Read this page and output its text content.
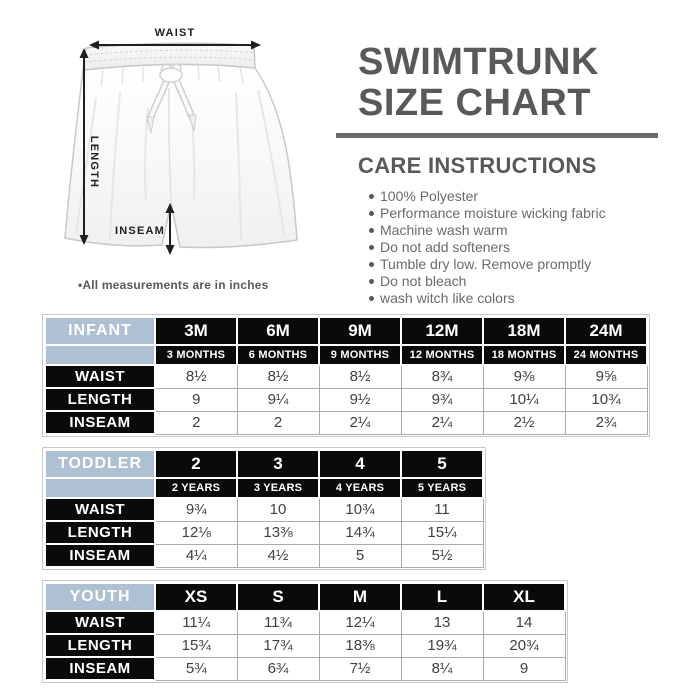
WAIST
LENGTH
INSEAM
•All measurements are in inches
SWIMTRUNK
SIZE CHART
CARE INSTRUCTIONS
100% Polyester
Performance moisture wicking fabric
Machine wash warm
Do not add softeners
Tumble dry low. Remove promptly
Do not bleach
wash witch like colors
INFANT	3M	6M	9M	12M	18M	24M
	3 MONTHS	6 MONTHS	9 MONTHS	12 MONTHS	18 MONTHS	24 MONTHS
WAIST	8½	8½	8½	8¾	9⅜	9⅝
LENGTH	9	9¼	9½	9¾	10¼	10¾
INSEAM	2	2	2¼	2¼	2½	2¾
TODDLER	2	3	4	5
	2 YEARS	3 YEARS	4 YEARS	5 YEARS
WAIST	9¾	10	10¾	11
LENGTH	12⅛	13⅜	14¾	15¼
INSEAM	4¼	4½	5	5½
YOUTH	XS	S	M	L	XL
WAIST	11¼	11¾	12¼	13	14
LENGTH	15¾	17¾	18⅜	19¾	20¾
INSEAM	5¾	6¾	7½	8¼	9
